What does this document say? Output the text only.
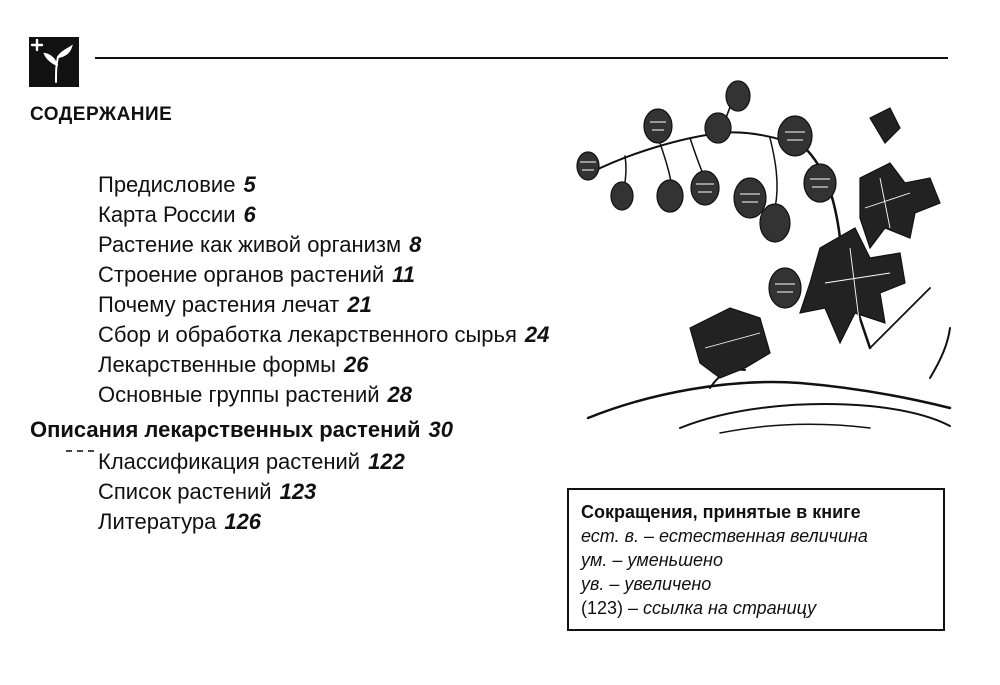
СОДЕРЖАНИЕ
Предисловие 5
Карта России 6
Растение как живой организм 8
Строение органов растений 11
Почему растения лечат 21
Сбор и обработка лекарственного сырья 24
Лекарственные формы 26
Основные группы растений 28
Описания лекарственных растений 30
Классификация растений 122
Список растений 123
Литература 126	Сокращения, принятые в книге
ест. в. – естественная величина
ум. – уменьшено
ув. – увеличено
(123) – ссылка на страницу
